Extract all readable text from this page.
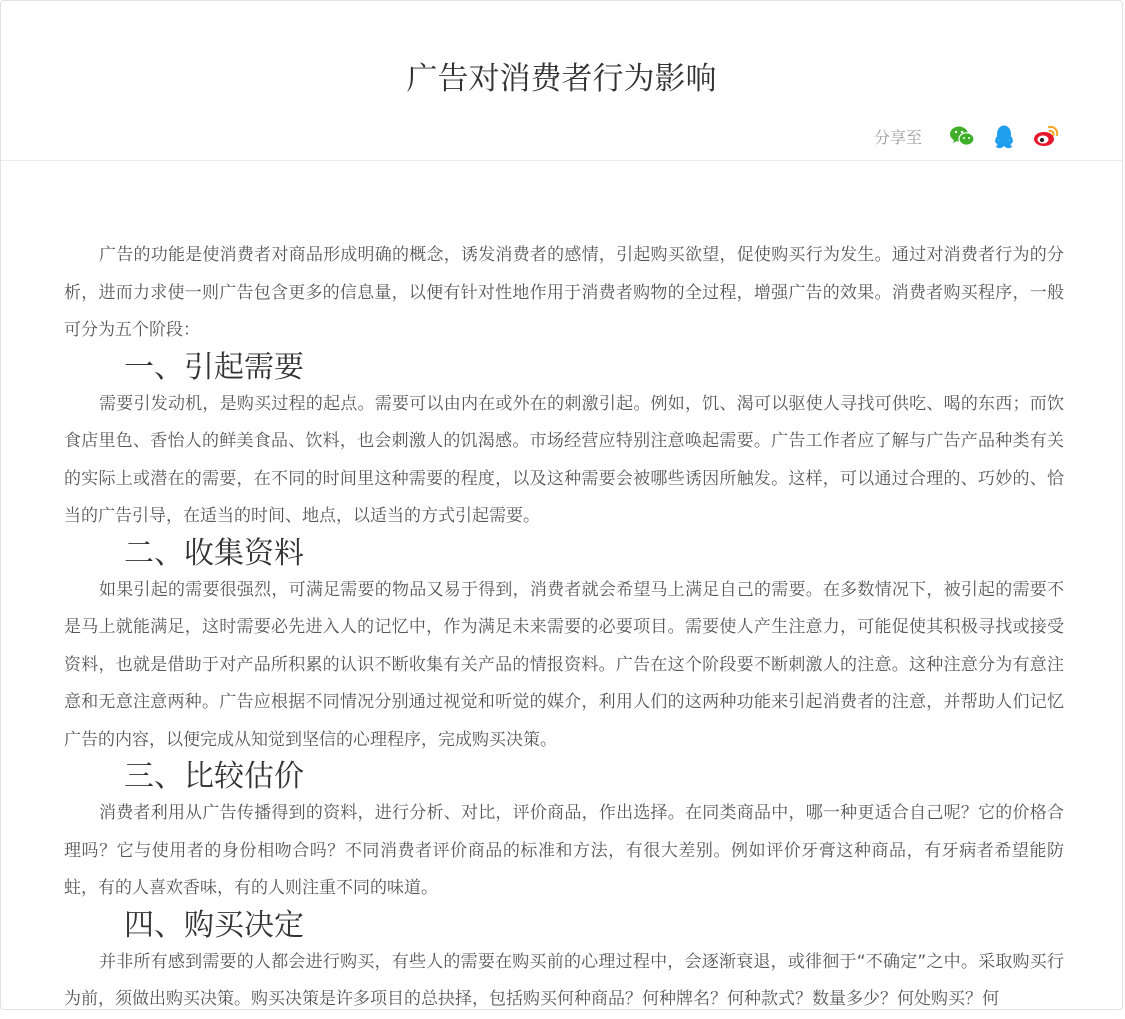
广告对消费者行为影响
分享至

广告的功能是使消费者对商品形成明确的概念，诱发消费者的感情，引起购买欲望，促使购买行为发生。通过对消费者行为的分析，进而力求使一则广告包含更多的信息量，以便有针对性地作用于消费者购物的全过程，增强广告的效果。消费者购买程序，一般可分为五个阶段：

一、引起需要

需要引发动机，是购买过程的起点。需要可以由内在或外在的刺激引起。例如，饥、渴可以驱使人寻找可供吃、喝的东西；而饮食店里色、香怡人的鲜美食品、饮料，也会刺激人的饥渴感。市场经营应特别注意唤起需要。广告工作者应了解与广告产品种类有关的实际上或潜在的需要，在不同的时间里这种需要的程度，以及这种需要会被哪些诱因所触发。这样，可以通过合理的、巧妙的、恰当的广告引导，在适当的时间、地点，以适当的方式引起需要。

二、收集资料

如果引起的需要很强烈，可满足需要的物品又易于得到，消费者就会希望马上满足自己的需要。在多数情况下，被引起的需要不是马上就能满足，这时需要必先进入人的记忆中，作为满足未来需要的必要项目。需要使人产生注意力，可能促使其积极寻找或接受资料，也就是借助于对产品所积累的认识不断收集有关产品的情报资料。广告在这个阶段要不断刺激人的注意。这种注意分为有意注意和无意注意两种。广告应根据不同情况分别通过视觉和听觉的媒介，利用人们的这两种功能来引起消费者的注意，并帮助人们记忆广告的内容，以便完成从知觉到坚信的心理程序，完成购买决策。

三、比较估价

消费者利用从广告传播得到的资料，进行分析、对比，评价商品，作出选择。在同类商品中，哪一种更适合自己呢？它的价格合理吗？它与使用者的身份相吻合吗？不同消费者评价商品的标准和方法，有很大差别。例如评价牙膏这种商品，有牙病者希望能防蛀，有的人喜欢香味，有的人则注重不同的味道。

四、购买决定

并非所有感到需要的人都会进行购买，有些人的需要在购买前的心理过程中，会逐渐衰退，或徘徊于“不确定”之中。采取购买行为前，须做出购买决策。购买决策是许多项目的总抉择，包括购买何种商品？何种牌名？何种款式？数量多少？何处购买？何
